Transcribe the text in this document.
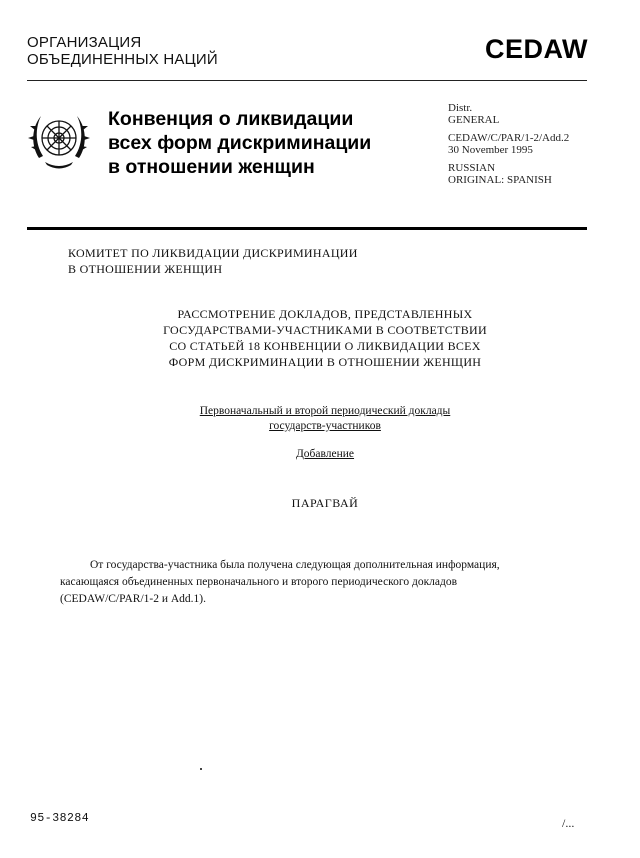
ОРГАНИЗАЦИЯ
ОБЪЕДИНЕННЫХ НАЦИЙ	CEDAW
Конвенция о ликвидации
всех форм дискриминации
в отношении женщин
Distr.
GENERAL
CEDAW/C/PAR/1-2/Add.2
30 November 1995
RUSSIAN
ORIGINAL: SPANISH
КОМИТЕТ ПО ЛИКВИДАЦИИ ДИСКРИМИНАЦИИ
В ОТНОШЕНИИ ЖЕНЩИН
РАССМОТРЕНИЕ ДОКЛАДОВ, ПРЕДСТАВЛЕННЫХ
ГОСУДАРСТВАМИ-УЧАСТНИКАМИ В СООТВЕТСТВИИ
СО СТАТЬЕЙ 18 КОНВЕНЦИИ О ЛИКВИДАЦИИ ВСЕХ
ФОРМ ДИСКРИМИНАЦИИ В ОТНОШЕНИИ ЖЕНЩИН
Первоначальный и второй периодический доклады
государств-участников
Добавление
ПАРАГВАЙ
От государства-участника была получена следующая дополнительная информация,
касающаяся объединенных первоначального и второго периодического докладов
(CEDAW/C/PAR/1-2 и Add.1).
95-38284	/...
